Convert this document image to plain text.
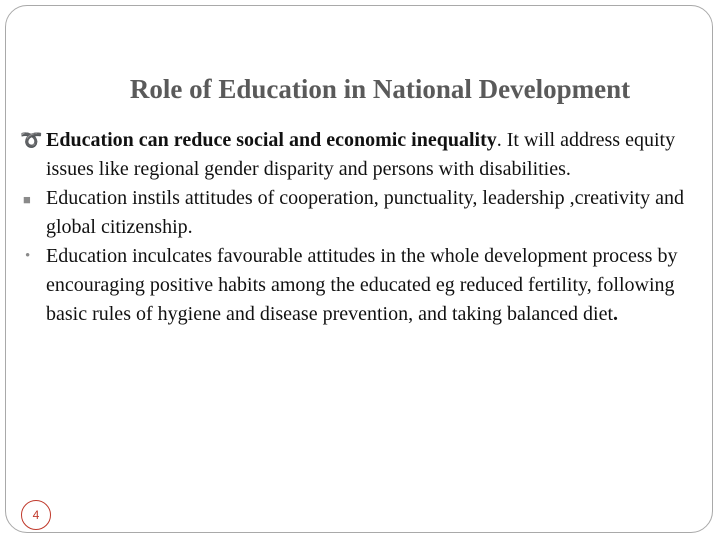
Role of Education in National Development
➰ Education can reduce social and economic inequality. It will address equity issues like regional gender disparity and persons with disabilities.
■ Education instils attitudes of cooperation, punctuality, leadership ,creativity and global citizenship.
• Education inculcates favourable attitudes in the whole development process by encouraging positive habits among the educated eg reduced fertility, following basic rules of hygiene and disease prevention, and taking balanced diet.
4
